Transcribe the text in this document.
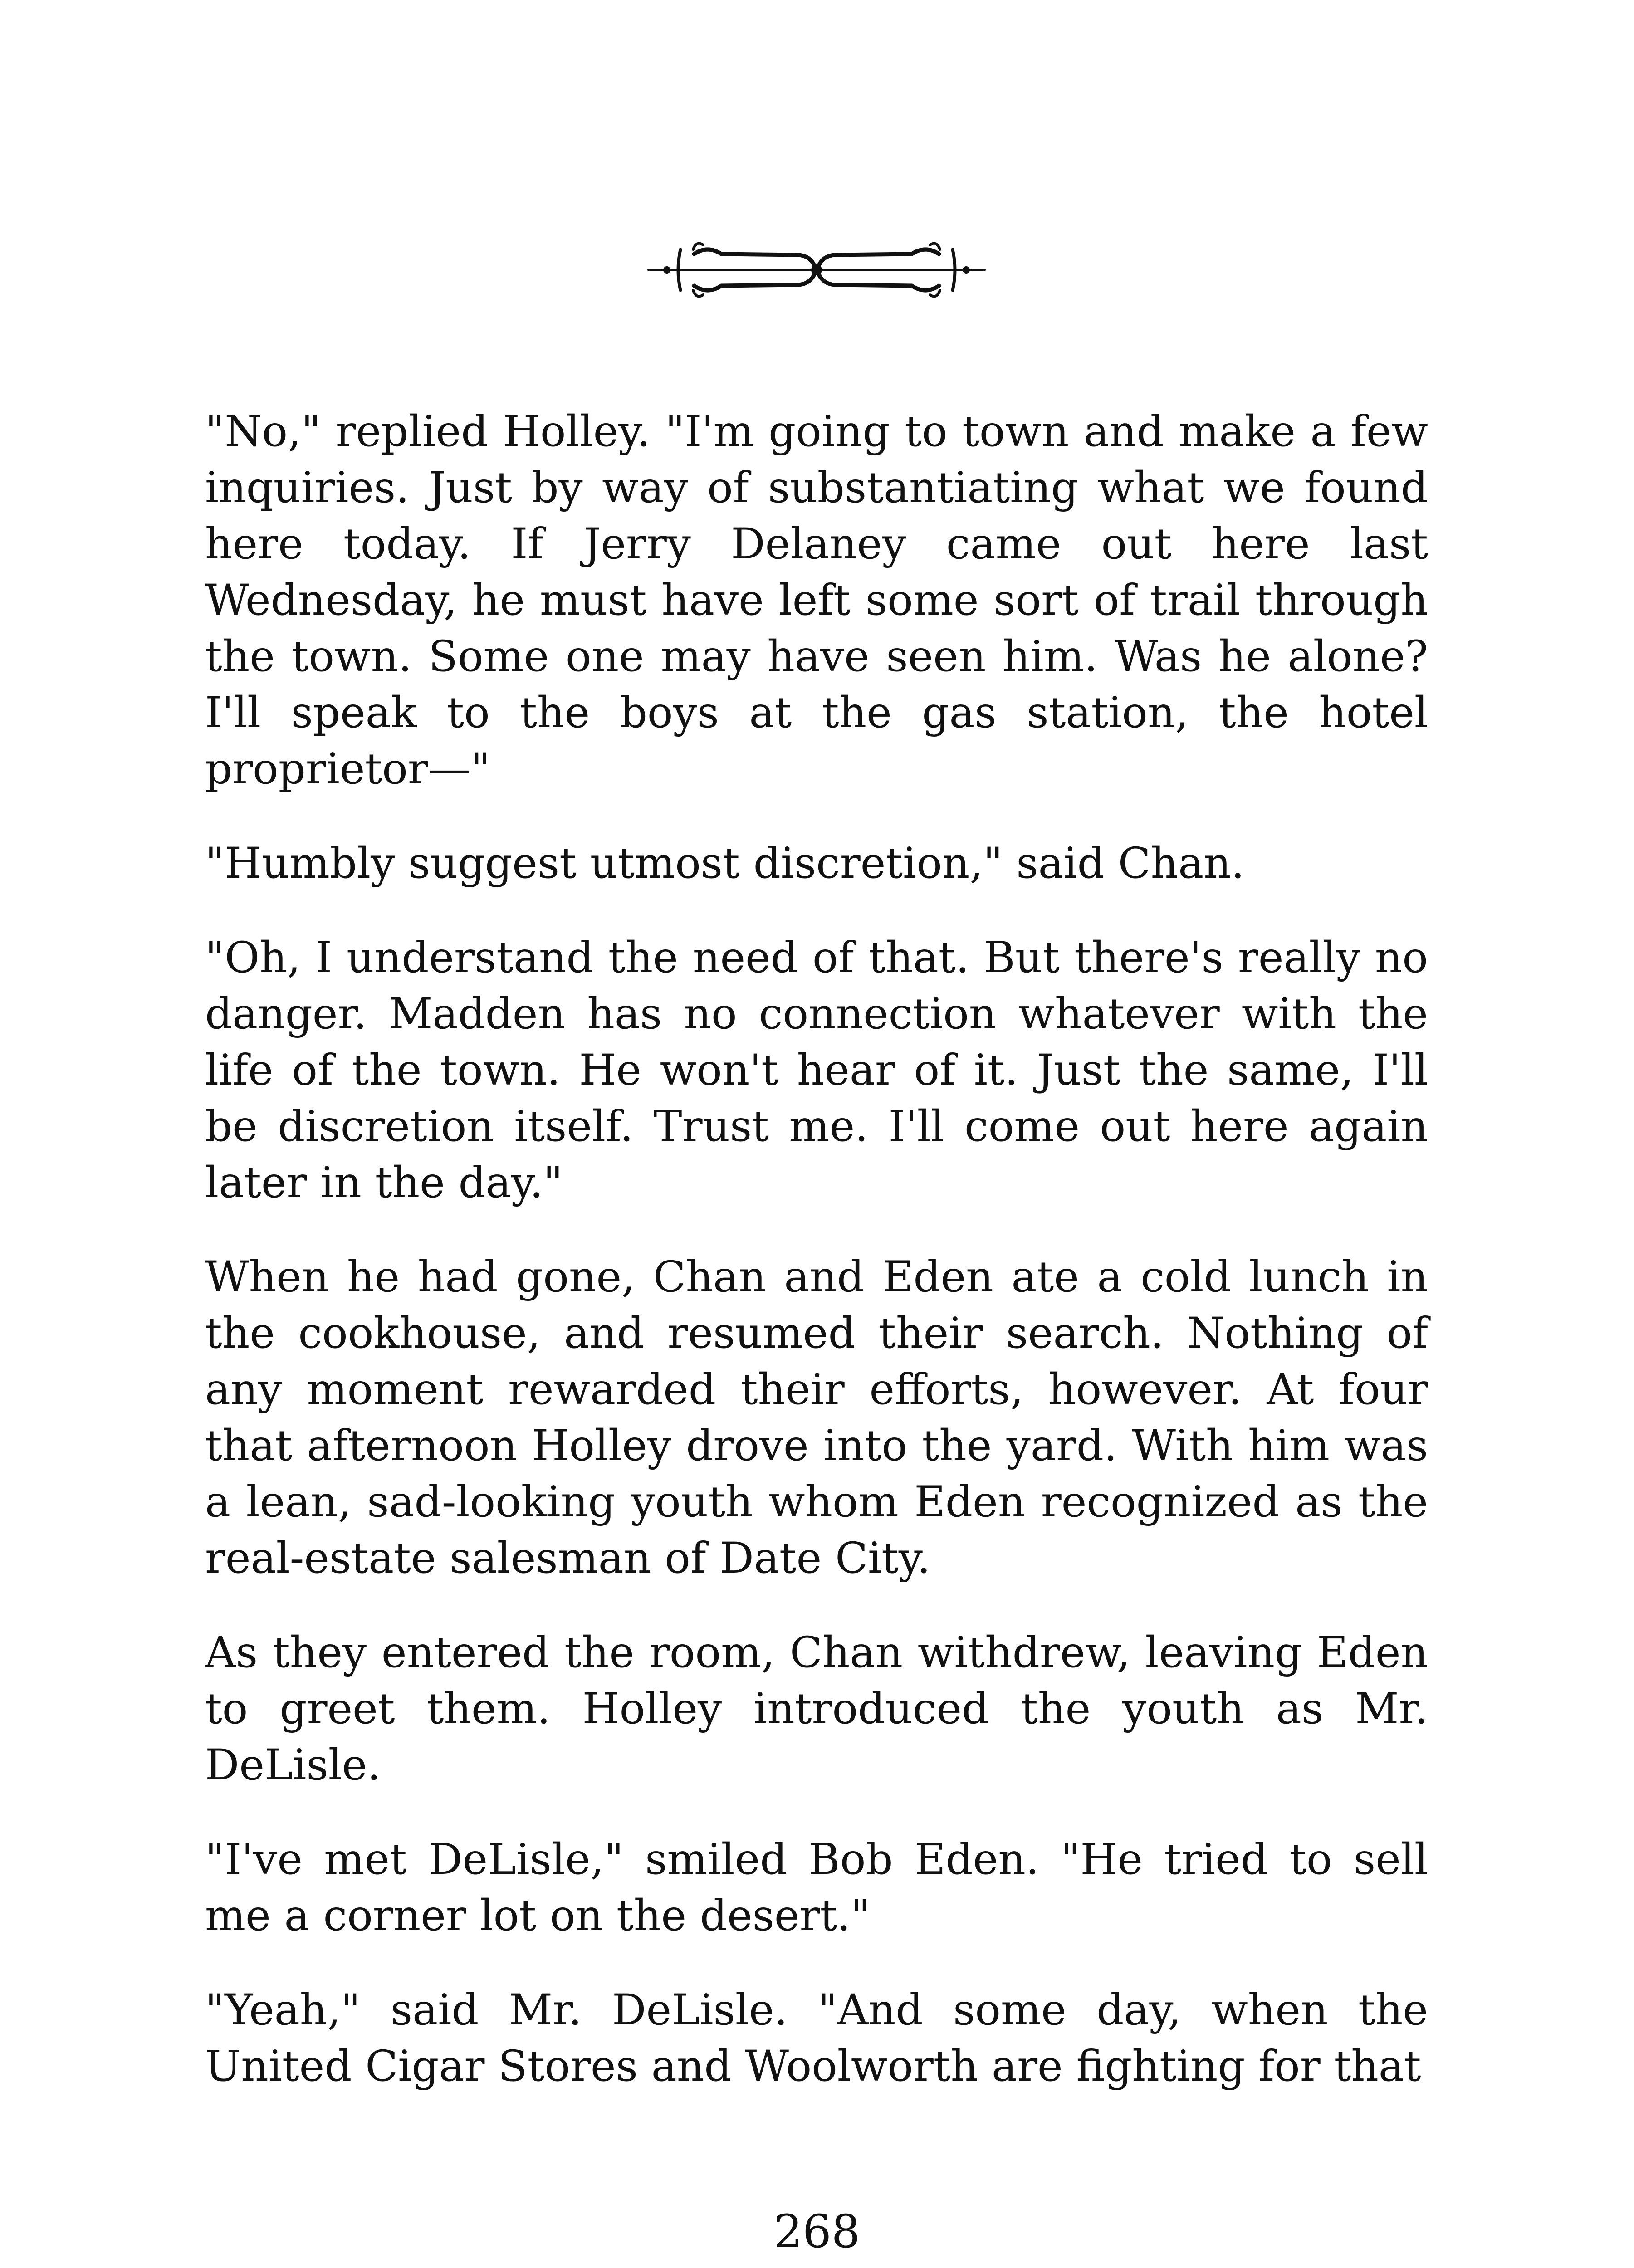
"No," replied Holley. "I'm going to town and make a few inquiries. Just by way of substantiating what we found here today. If Jerry Delaney came out here last Wednesday, he must have left some sort of trail through the town. Some one may have seen him. Was he alone? I'll speak to the boys at the gas station, the hotel proprietor—"

"Humbly suggest utmost discretion," said Chan.

"Oh, I understand the need of that. But there's really no danger. Madden has no connection whatever with the life of the town. He won't hear of it. Just the same, I'll be discretion itself. Trust me. I'll come out here again later in the day."

When he had gone, Chan and Eden ate a cold lunch in the cookhouse, and resumed their search. Nothing of any moment rewarded their efforts, however. At four that afternoon Holley drove into the yard. With him was a lean, sad-looking youth whom Eden recognized as the real-estate salesman of Date City.

As they entered the room, Chan withdrew, leaving Eden to greet them. Holley introduced the youth as Mr. DeLisle.

"I've met DeLisle," smiled Bob Eden. "He tried to sell me a corner lot on the desert."

"Yeah," said Mr. DeLisle. "And some day, when the United Cigar Stores and Woolworth are fighting for that

268
